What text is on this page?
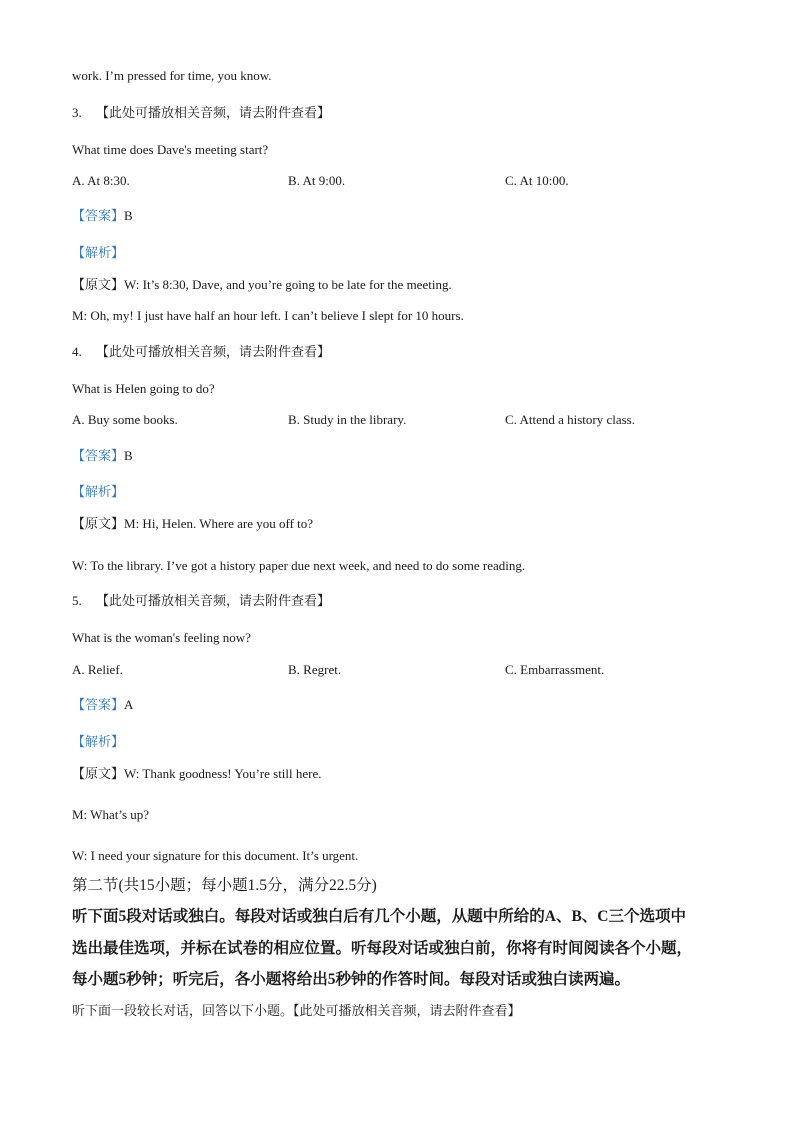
work. I’m pressed for time, you know.
3. 【此处可播放相关音频，请去附件查看】
What time does Dave's meeting start?
A. At 8:30.	B. At 9:00.	C. At 10:00.
【答案】B
【解析】
【原文】W: It’s 8:30, Dave, and you’re going to be late for the meeting.
M: Oh, my! I just have half an hour left. I can’t believe I slept for 10 hours.
4. 【此处可播放相关音频，请去附件查看】
What is Helen going to do?
A. Buy some books.	B. Study in the library.	C. Attend a history class.
【答案】B
【解析】
【原文】M: Hi, Helen. Where are you off to?
W: To the library. I’ve got a history paper due next week, and need to do some reading.
5. 【此处可播放相关音频，请去附件查看】
What is the woman's feeling now?
A. Relief.	B. Regret.	C. Embarrassment.
【答案】A
【解析】
【原文】W: Thank goodness! You’re still here.
M: What’s up?
W: I need your signature for this document. It’s urgent.
第二节(共15小题；每小题1.5分，满分22.5分)
听下面5段对话或独白。每段对话或独白后有几个小题，从题中所给的A、B、C三个选项中
选出最佳选项，并标在试卷的相应位置。听每段对话或独白前，你将有时间阅读各个小题，
每小题5秒钟；听完后，各小题将给出5秒钟的作答时间。每段对话或独白读两遍。
听下面一段较长对话，回答以下小题。【此处可播放相关音频，请去附件查看】
